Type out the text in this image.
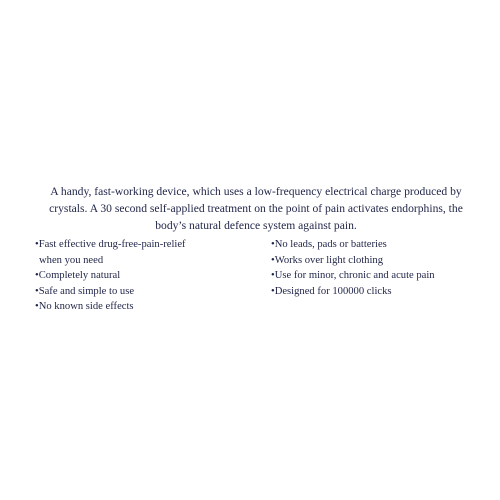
A handy, fast-working device, which uses a low-frequency electrical charge produced by
crystals. A 30 second self-applied treatment on the point of pain activates endorphins, the
body’s natural defence system against pain.
•Fast effective drug-free-pain-relief
when you need
•Completely natural
•Safe and simple to use
•No known side effects
•No leads, pads or batteries
•Works over light clothing
•Use for minor, chronic and acute pain
•Designed for 100000 clicks
